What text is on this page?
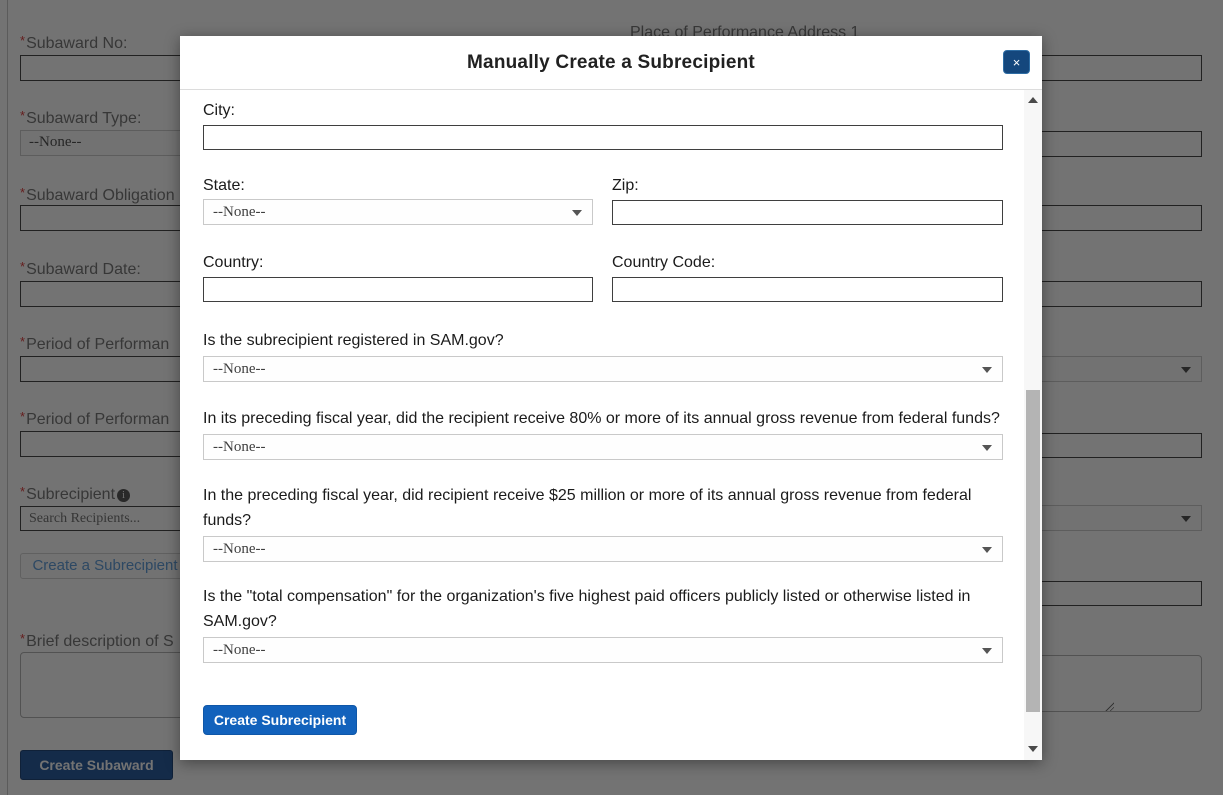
Search Recipients...
Manually Create a Subrecipient	×
City:
State:
--None--
Zip:
Country:	Country Code:
Is the subrecipient registered in SAM.gov?
--None--
In its preceding fiscal year, did the recipient receive 80% or more of its annual gross revenue from federal funds?
--None--
In the preceding fiscal year, did recipient receive $25 million or more of its annual gross revenue from federal funds?
--None--
Is the "total compensation" for the organization's five highest paid officers publicly listed or otherwise listed in SAM.gov?
--None--
Create Subrecipient
